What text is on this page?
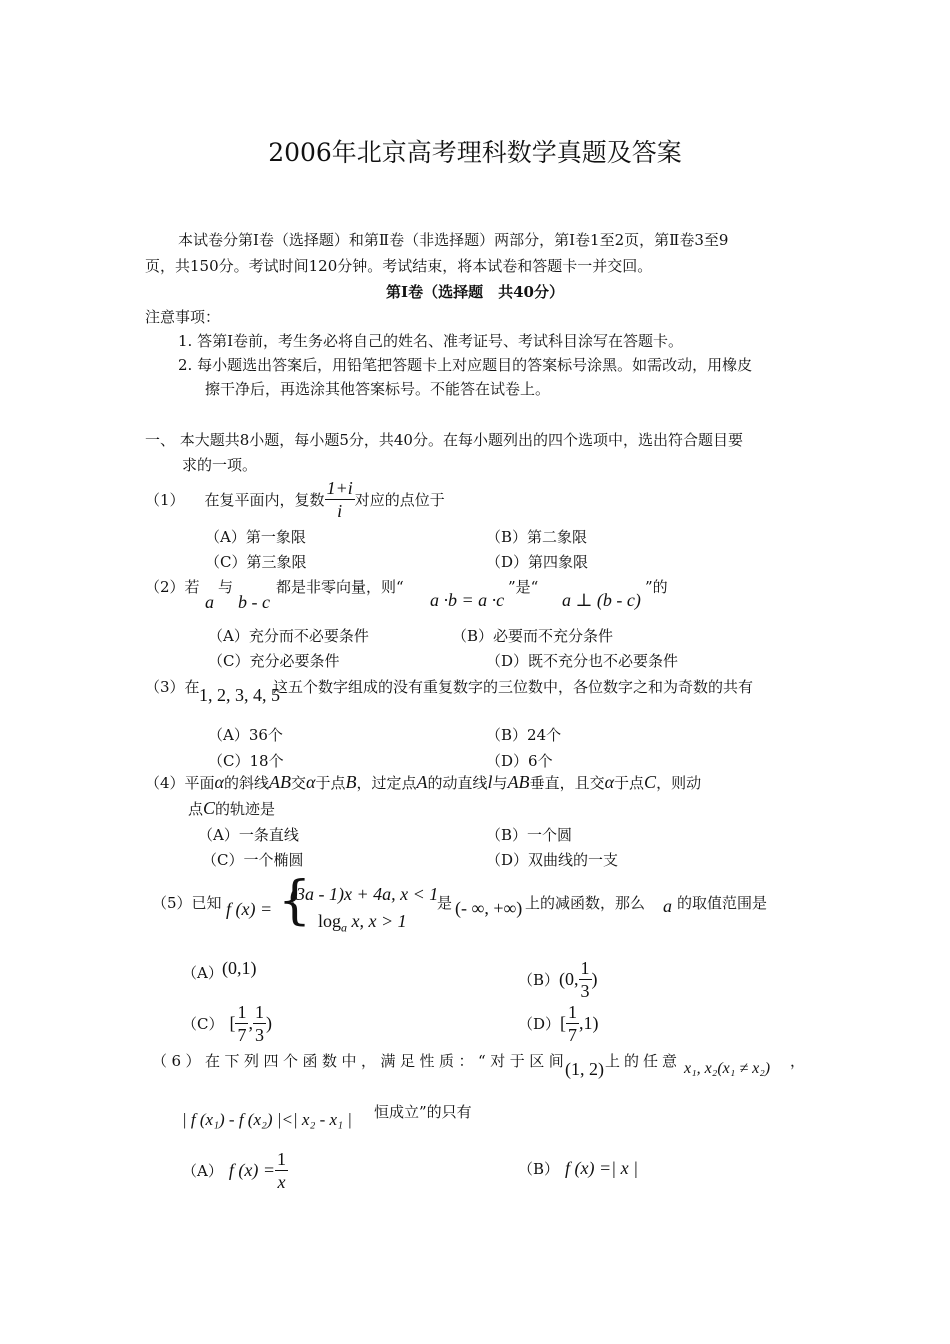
2006年北京高考理科数学真题及答案
本试卷分第Ⅰ卷（选择题）和第Ⅱ卷（非选择题）两部分，第Ⅰ卷1至2页，第Ⅱ卷3至9
页，共150分。考试时间120分钟。考试结束，将本试卷和答题卡一并交回。
第Ⅰ卷（选择题　共40分）
注意事项：
1. 答第Ⅰ卷前，考生务必将自己的姓名、准考证号、考试科目涂写在答题卡。
2. 每小题选出答案后，用铅笔把答题卡上对应题目的答案标号涂黑。如需改动，用橡皮
擦干净后，再选涂其他答案标号。不能答在试卷上。
一、 本大题共8小题，每小题5分，共40分。在每小题列出的四个选项中，选出符合题目要
求的一项。
（1） 在复平面内，复数 $\frac{1+i}{i}$ 对应的点位于
（A）第一象限	（B）第二象限
（C）第三象限	（D）第四象限
（2）若
a
与
b - c
都是非零向量，则“
a ·b = a ·c
”是“
a ⊥ (b - c)
”的
（A）充分而不必要条件	（B）必要而不充分条件
（C）充分必要条件	（D）既不充分也不必要条件
（3）在 1, 2, 3, 4, 5
这五个数字组成的没有重复数字的三位数中，各位数字之和为奇数的共有
（A）36个	（B）24个
（C）18个	（D）6个
（4）平面α的斜线AB交α于点B，过定点A的动直线l与AB垂直，且交α于点C，则动
点C的轨迹是
（A）一条直线	（B）一个圆
（C）一个椭圆	（D）双曲线的一支
（5）已知 f (x) = {
(3a - 1)x + 4a, x < 1
$\log_a x$, x > 1
是 (- ∞, +∞) 上的减函数，那么 a 的取值范围是
（A） (0,1)
（B） (0, $\frac{1}{3}$ )
（C） [ $\frac{1}{7}$ , $\frac{1}{3}$ )	（D） [ $\frac{1}{7} ,1$)
（6）在下列四个函数中，满足性质：“对于区间
(1, 2) 上的任意 x₁, x₂(x₁ ≠ x₂) ，
| f (x₁) - f (x₂) |<| x₂ - x₁ | 恒成立”的只有
（A） f $(x) = \frac{1}{x}$	（B） f (x) =| x |
